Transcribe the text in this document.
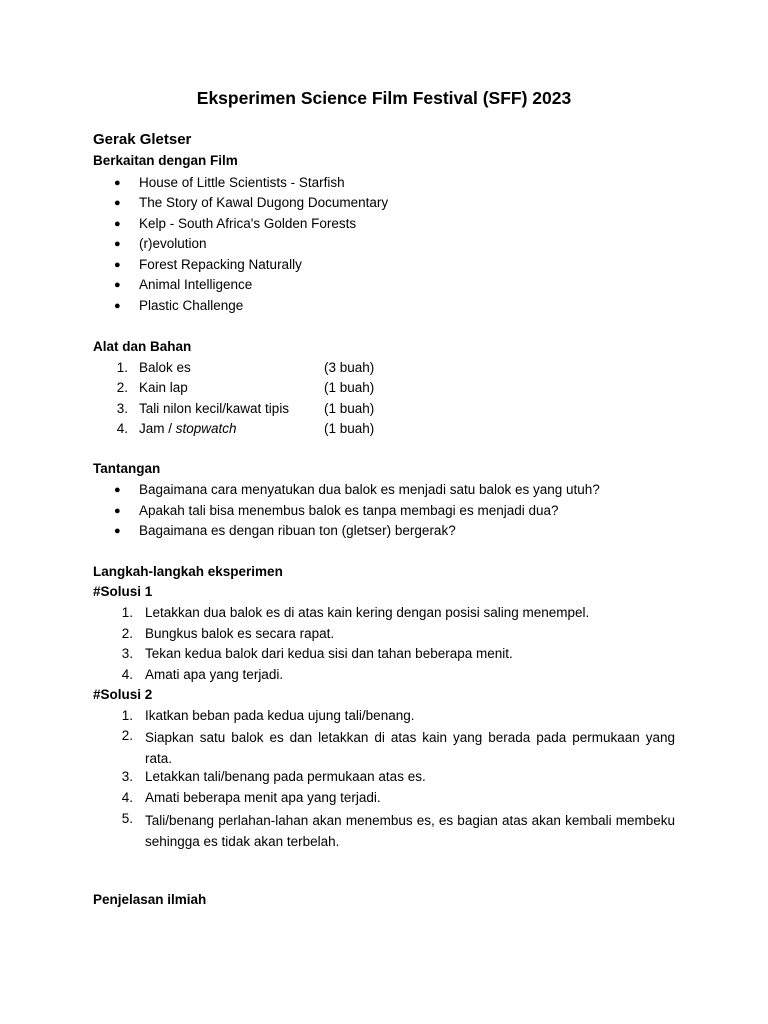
Eksperimen Science Film Festival (SFF) 2023
Gerak Gletser
Berkaitan dengan Film
● House of Little Scientists - Starfish
● The Story of Kawal Dugong Documentary
● Kelp - South Africa's Golden Forests
● (r)evolution
● Forest Repacking Naturally
● Animal Intelligence
● Plastic Challenge
Alat dan Bahan
1. Balok es	(3 buah)
2. Kain lap	(1 buah)
3. Tali nilon kecil/kawat tipis	(1 buah)
4. Jam / stopwatch	(1 buah)
Tantangan
● Bagaimana cara menyatukan dua balok es menjadi satu balok es yang utuh?
● Apakah tali bisa menembus balok es tanpa membagi es menjadi dua?
● Bagaimana es dengan ribuan ton (gletser) bergerak?
Langkah-langkah eksperimen
#Solusi 1
1. Letakkan dua balok es di atas kain kering dengan posisi saling menempel.
2. Bungkus balok es secara rapat.
3. Tekan kedua balok dari kedua sisi dan tahan beberapa menit.
4. Amati apa yang terjadi.
#Solusi 2
1. Ikatkan beban pada kedua ujung tali/benang.
2. Siapkan satu balok es dan letakkan di atas kain yang berada pada permukaan yang rata.
3. Letakkan tali/benang pada permukaan atas es.
4. Amati beberapa menit apa yang terjadi.
5. Tali/benang perlahan-lahan akan menembus es, es bagian atas akan kembali membeku sehingga es tidak akan terbelah.
Penjelasan ilmiah
